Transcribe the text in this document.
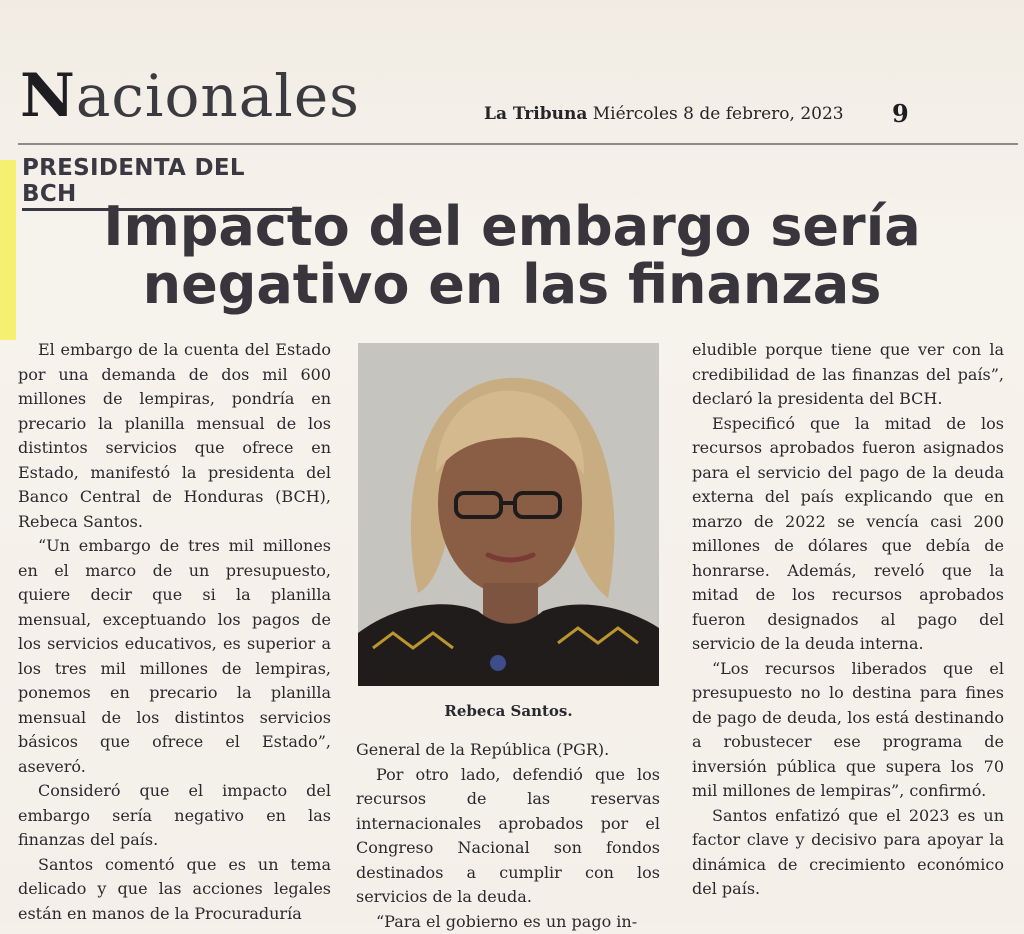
Nacionales	La Tribuna Miércoles 8 de febrero, 2023 9
PRESIDENTA DEL BCH
Impacto del embargo sería
negativo en las finanzas

El embargo de la cuenta del Estado por una demanda de dos mil 600 millones de lempiras, pondría en precario la planilla mensual de los distintos servicios que ofrece en Estado, manifestó la presidenta del Banco Central de Honduras (BCH), Rebeca Santos.

“Un embargo de tres mil millones en el marco de un presupuesto, quiere decir que si la planilla mensual, exceptuando los pagos de los servicios educativos, es superior a los tres mil millones de lempiras, ponemos en precario la planilla mensual de los distintos servicios básicos que ofrece el Estado”, aseveró.

Consideró que el impacto del embargo sería negativo en las finanzas del país.

Santos comentó que es un tema delicado y que las acciones legales están en manos de la Procuraduría

Rebeca Santos.

General de la República (PGR).

Por otro lado, defendió que los recursos de las reservas internacionales aprobados por el Congreso Nacional son fondos destinados a cumplir con los servicios de la deuda.

“Para el gobierno es un pago in-

eludible porque tiene que ver con la credibilidad de las finanzas del país”, declaró la presidenta del BCH.

Especificó que la mitad de los recursos aprobados fueron asignados para el servicio del pago de la deuda externa del país explicando que en marzo de 2022 se vencía casi 200 millones de dólares que debía de honrarse. Además, reveló que la mitad de los recursos aprobados fueron designados al pago del servicio de la deuda interna.

“Los recursos liberados que el presupuesto no lo destina para fines de pago de deuda, los está destinando a robustecer ese programa de inversión pública que supera los 70 mil millones de lempiras”, confirmó.

Santos enfatizó que el 2023 es un factor clave y decisivo para apoyar la dinámica de crecimiento económico del país.
